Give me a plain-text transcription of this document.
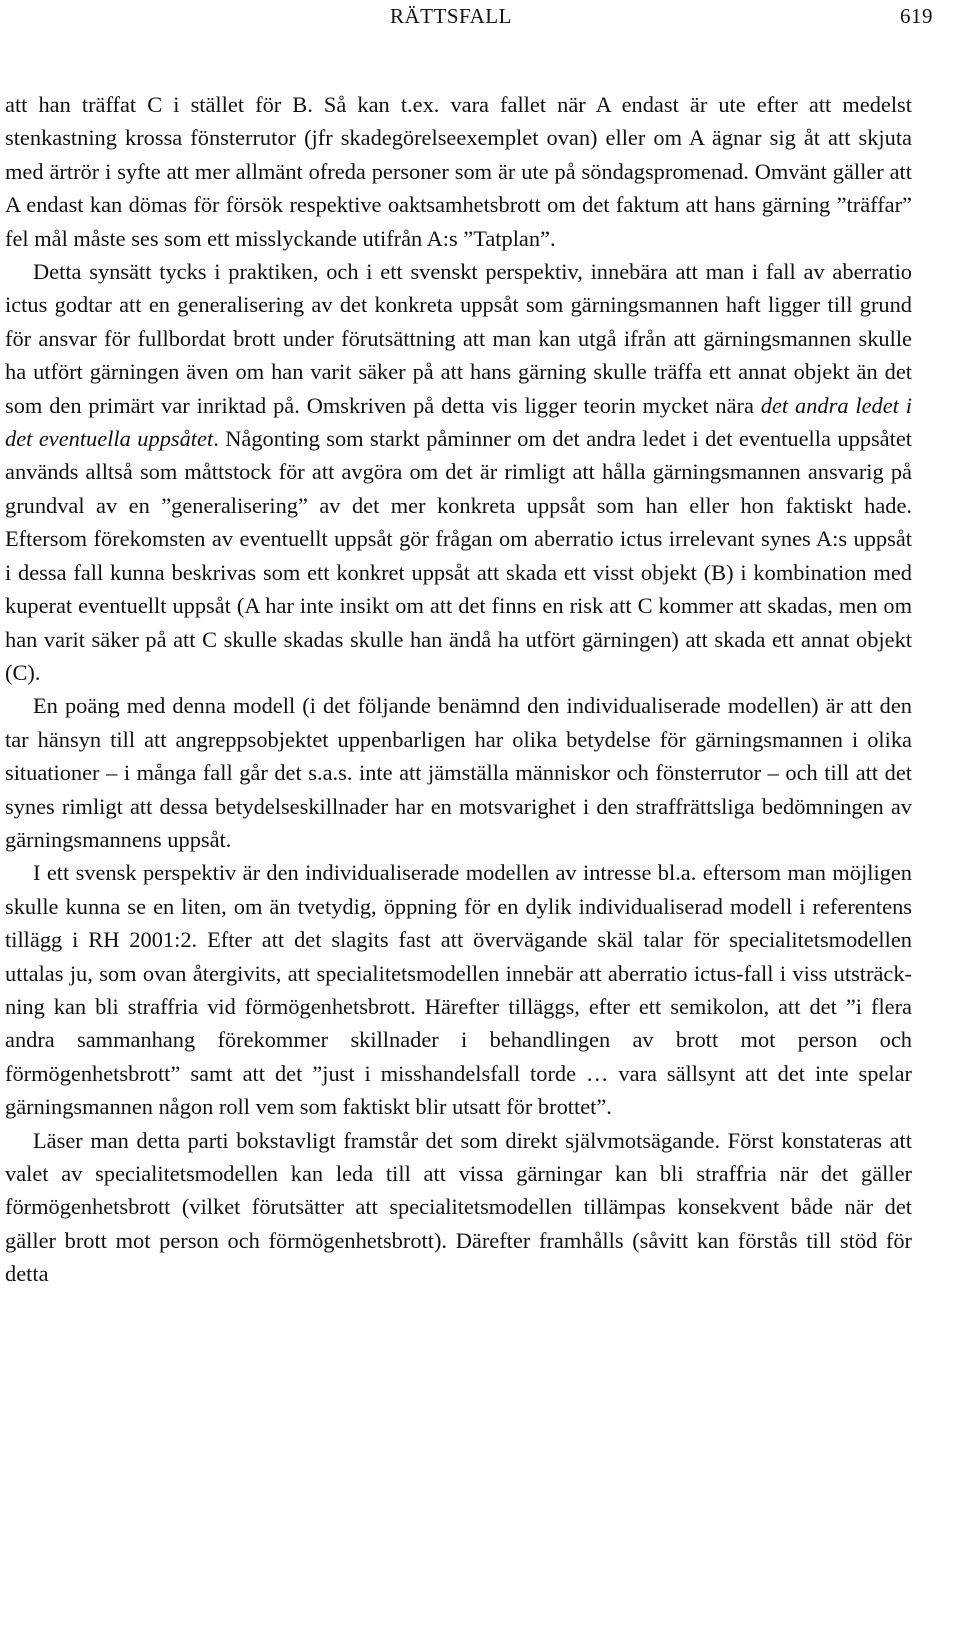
RÄTTSFALL	619

att han träffat C i stället för B. Så kan t.ex. vara fallet när A endast är ute efter att medelst stenkastning krossa fönsterrutor (jfr skadegörelseexemplet ovan) eller om A ägnar sig åt att skjuta med ärtrör i syfte att mer allmänt ofreda personer som är ute på söndagspromenad. Omvänt gäller att A endast kan dömas för försök respektive oaktsamhetsbrott om det faktum att hans gärning ”träffar” fel mål måste ses som ett misslyckande utifrån A:s ”Tatplan”.

Detta synsätt tycks i praktiken, och i ett svenskt perspektiv, innebära att man i fall av aberratio ictus godtar att en generalisering av det konkreta uppsåt som gärningsmannen haft ligger till grund för ansvar för fullbordat brott under förutsättning att man kan utgå ifrån att gärningsmannen skulle ha utfört gärningen även om han varit säker på att hans gärning skulle träffa ett annat objekt än det som den primärt var inriktad på. Omskriven på detta vis ligger teorin mycket nära det andra ledet i det eventuella uppsåtet. Någonting som starkt påminner om det andra ledet i det eventuella uppsåtet används alltså som måttstock för att avgöra om det är rimligt att hålla gärningsmannen ansvarig på grundval av en ”generalisering” av det mer konkreta uppsåt som han eller hon faktiskt hade. Eftersom förekomsten av eventuellt uppsåt gör frågan om aberratio ictus irrelevant synes A:s uppsåt i dessa fall kunna beskrivas som ett konkret uppsåt att skada ett visst objekt (B) i kombination med kuperat eventuellt uppsåt (A har inte insikt om att det finns en risk att C kommer att skadas, men om han varit säker på att C skulle skadas skulle han ändå ha utfört gärningen) att skada ett annat objekt (C).

En poäng med denna modell (i det följande benämnd den individualiserade modellen) är att den tar hänsyn till att angreppsobjektet uppenbarligen har olika betydelse för gärningsmannen i olika situationer – i många fall går det s.a.s. inte att jämställa människor och fönsterrutor – och till att det synes rimligt att dessa betydelseskillnader har en motsvarighet i den straffrättsliga bedömningen av gärningsmannens uppsåt.

I ett svensk perspektiv är den individualiserade modellen av intresse bl.a. eftersom man möjligen skulle kunna se en liten, om än tvetydig, öppning för en dylik individualiserad modell i referentens tillägg i RH 2001:2. Efter att det slagits fast att övervägande skäl talar för specialitetsmodellen uttalas ju, som ovan återgivits, att specialitetsmodellen innebär att aberratio ictus-fall i viss utsträckning kan bli straffria vid förmögenhetsbrott. Härefter tilläggs, efter ett semikolon, att det ”i flera andra sammanhang förekommer skillnader i behandlingen av brott mot person och förmögenhetsbrott” samt att det ”just i misshandelsfall torde … vara sällsynt att det inte spelar gärningsmannen någon roll vem som faktiskt blir utsatt för brottet”.

Läser man detta parti bokstavligt framstår det som direkt självmotsägande. Först konstateras att valet av specialitetsmodellen kan leda till att vissa gärningar kan bli straffria när det gäller förmögenhetsbrott (vilket förutsätter att specialitetsmodellen tillämpas konsekvent både när det gäller brott mot person och förmögenhetsbrott). Därefter framhålls (såvitt kan förstås till stöd för detta
